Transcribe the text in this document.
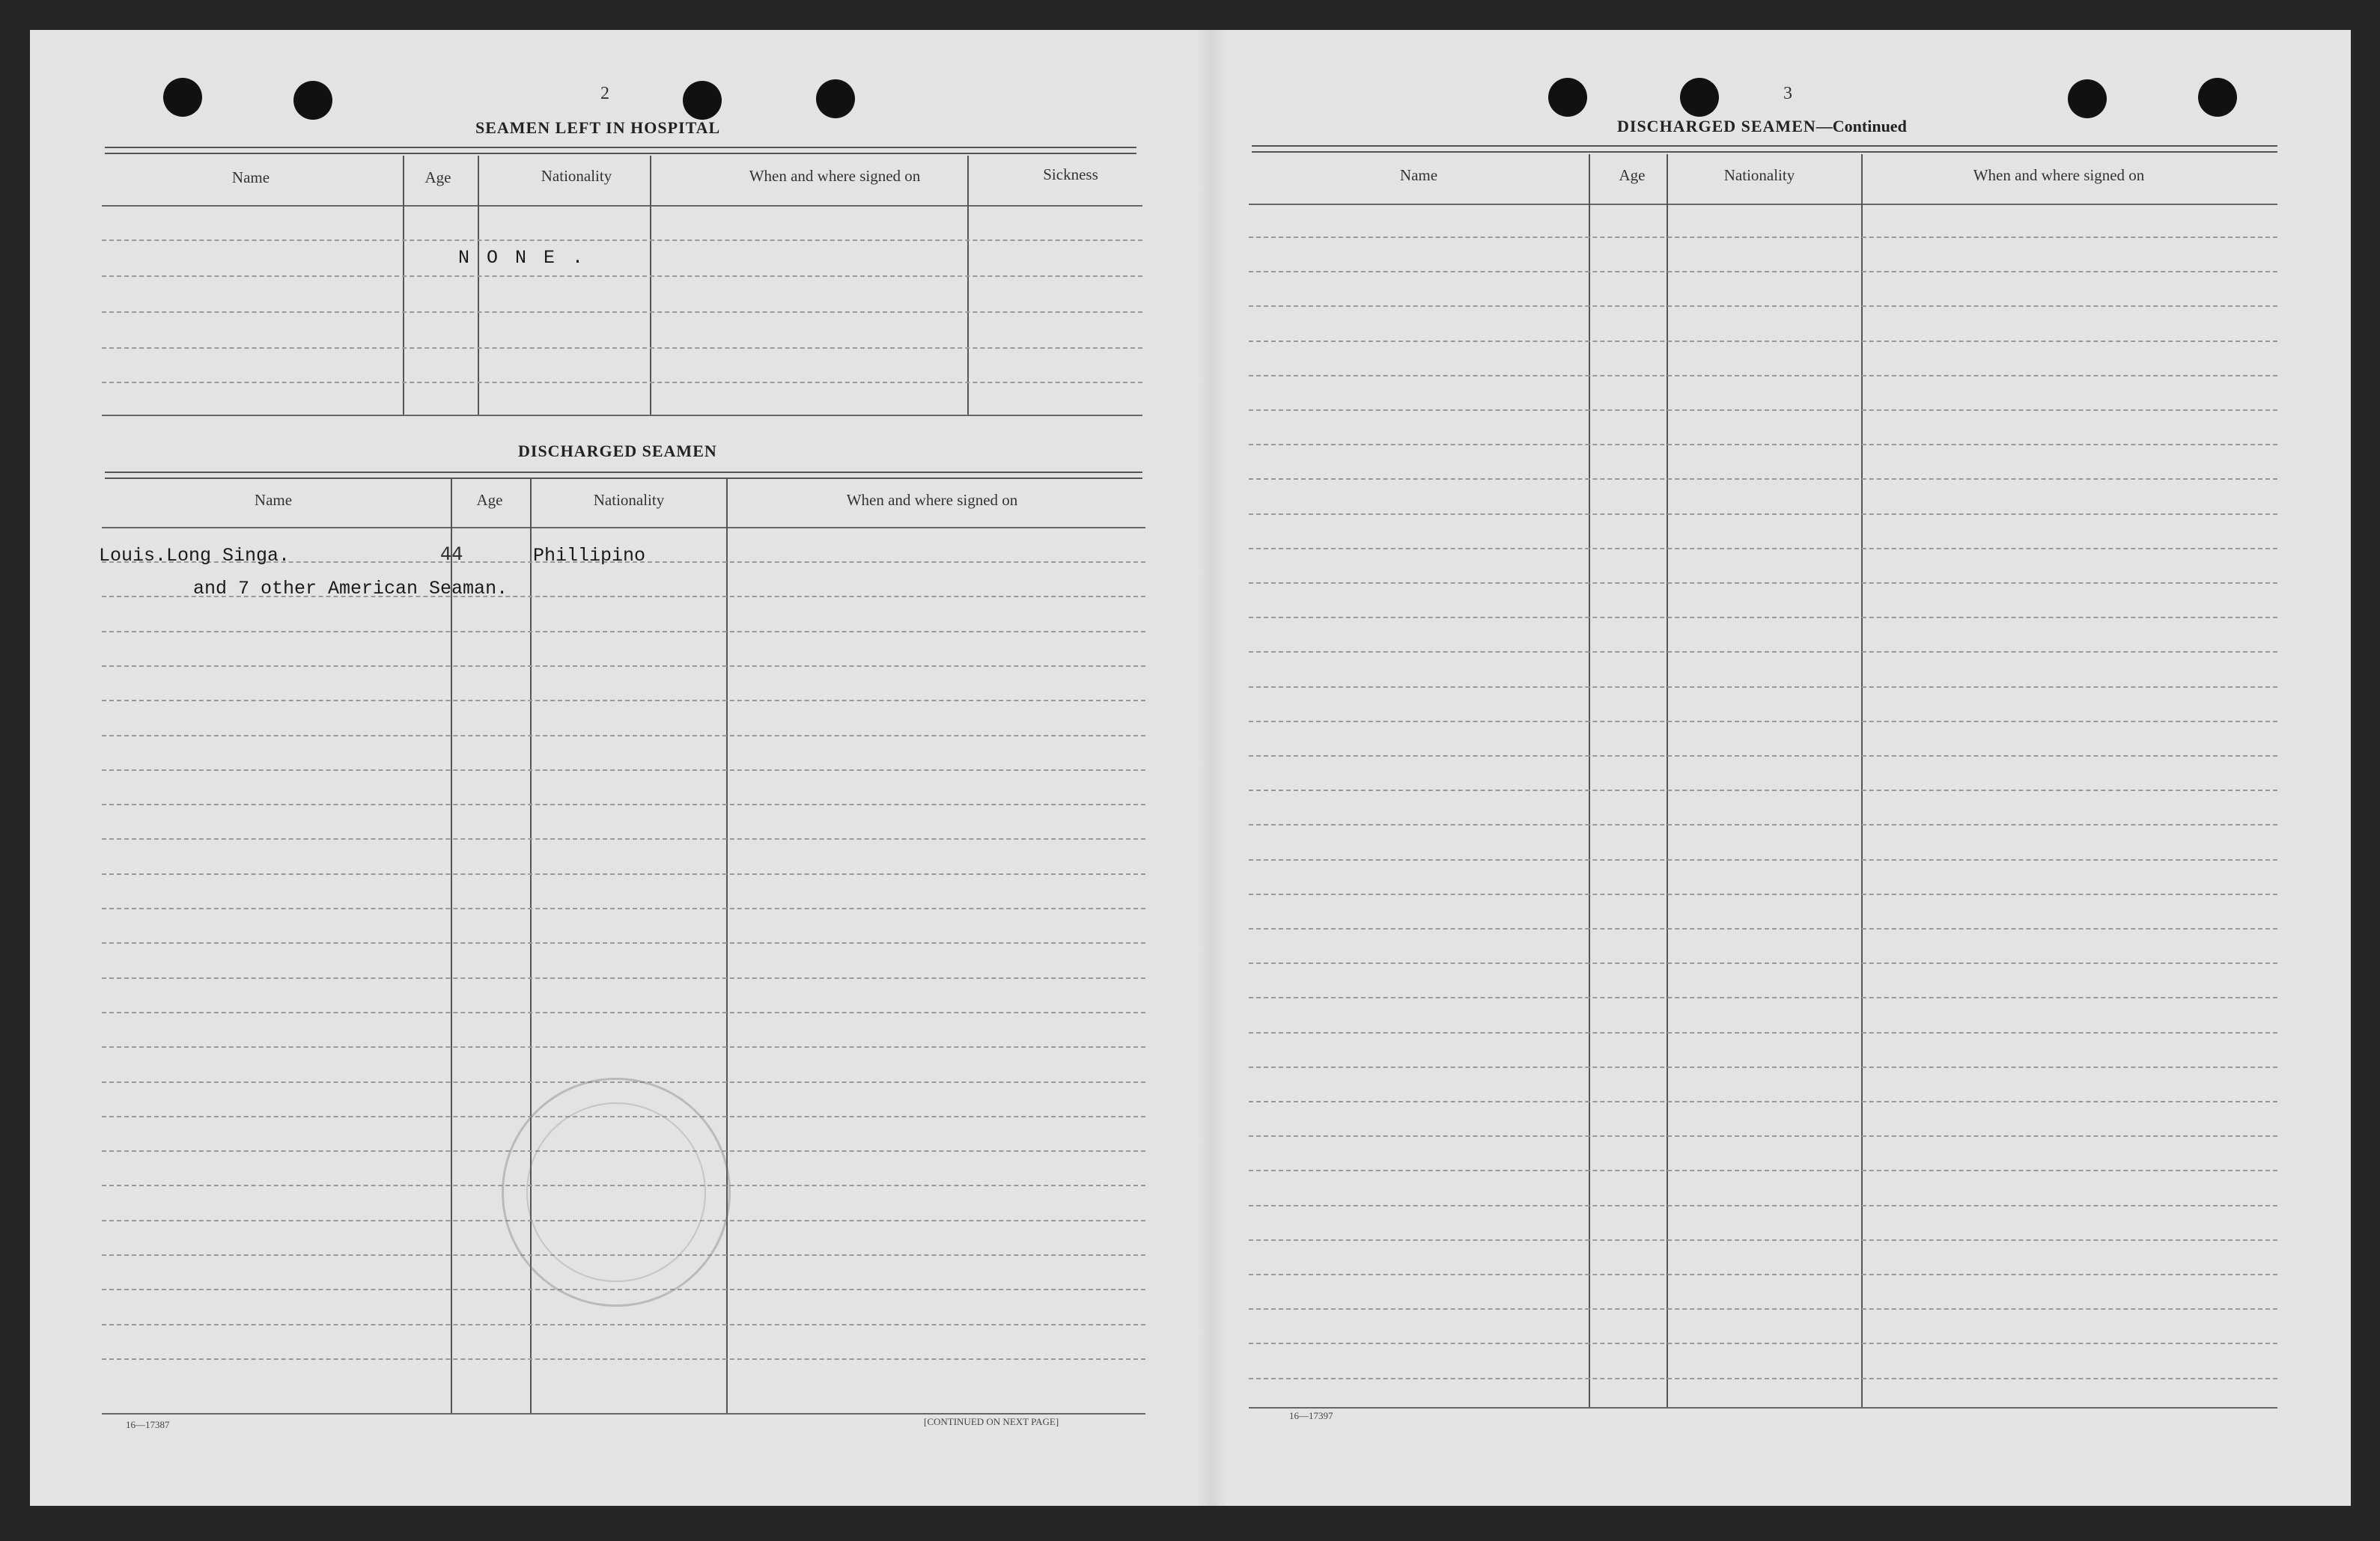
2
SEAMEN LEFT IN HOSPITAL
Name	Age	Nationality	When and where signed on	Sickness
N O N E .
DISCHARGED SEAMEN
Name	Age	Nationality	When and where signed on
Louis.Long Singa.	44	Phillipino
and 7 other American Seaman.
16—17387	[CONTINUED ON NEXT PAGE]
3
DISCHARGED SEAMEN—Continued
Name	Age	Nationality	When and where signed on
16—17397
